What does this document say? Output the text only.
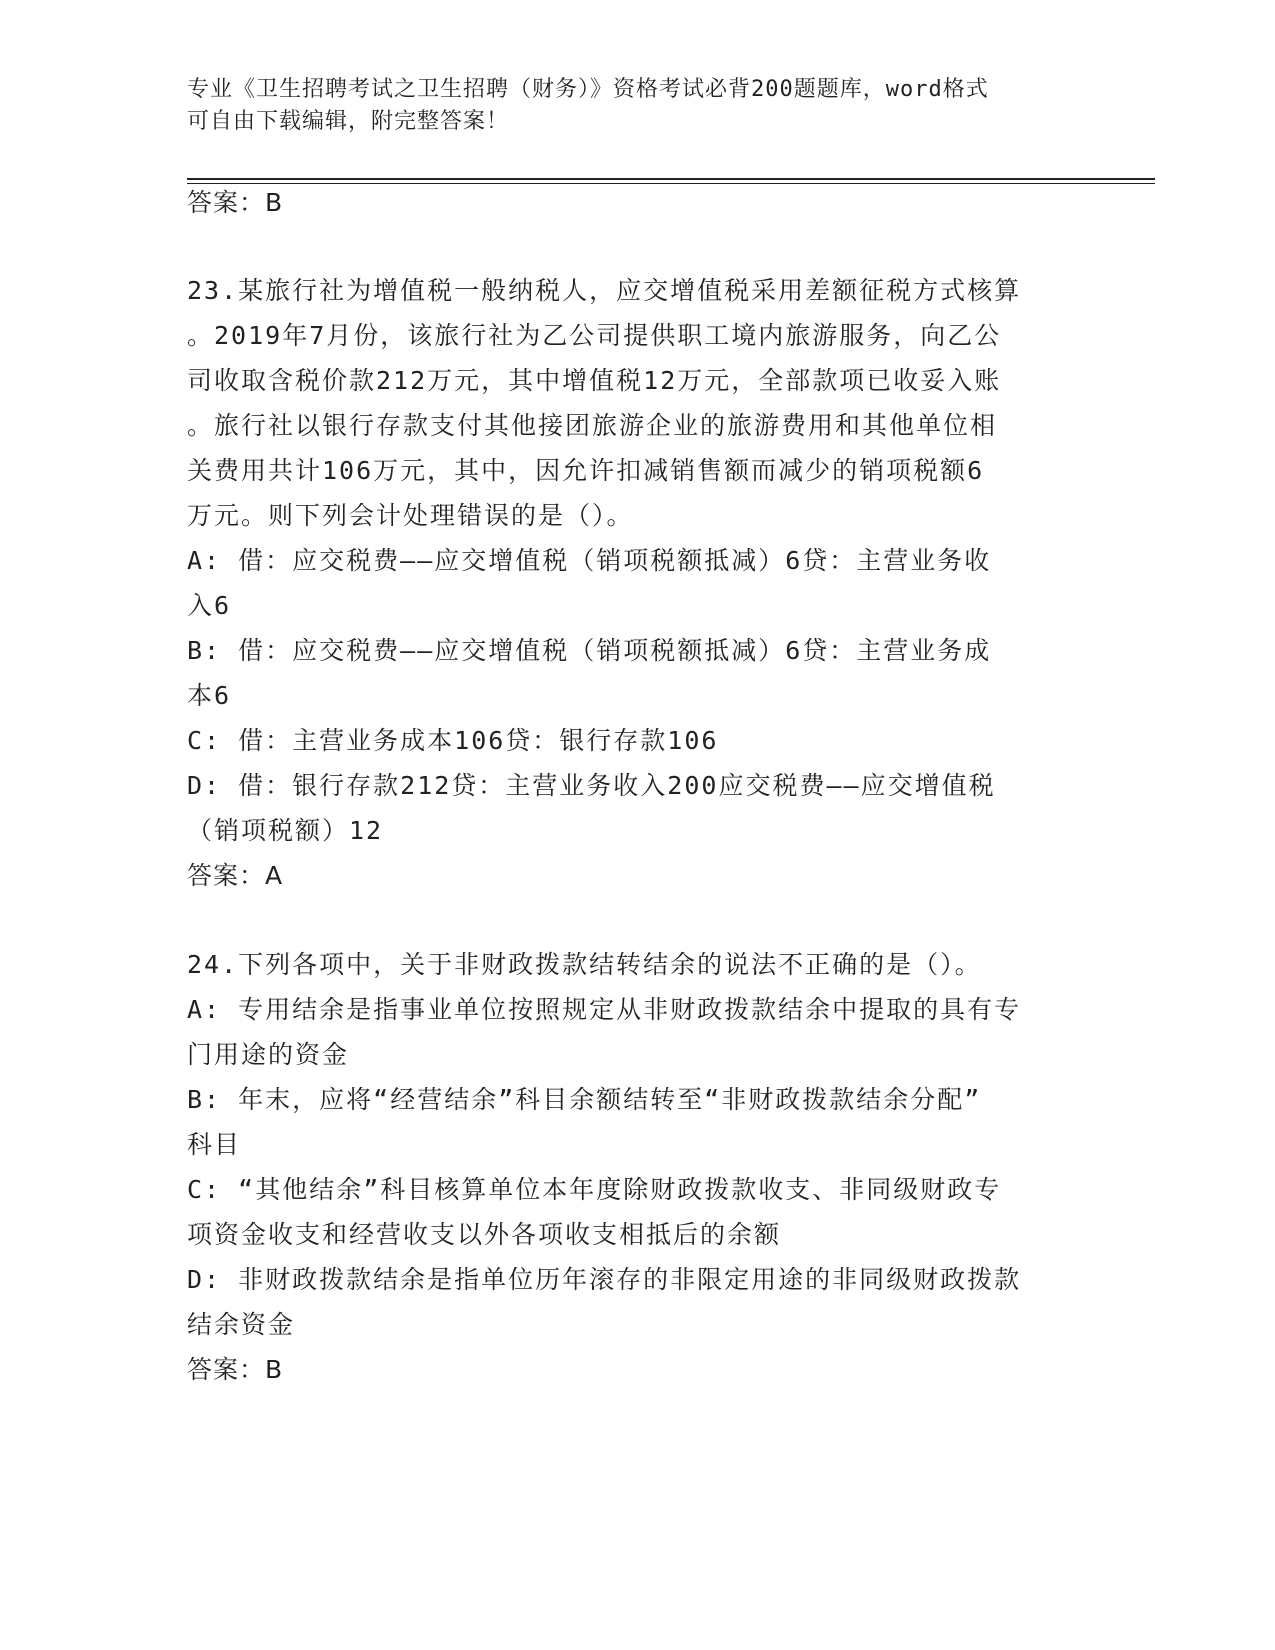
专业《卫生招聘考试之卫生招聘（财务）》资格考试必背200题题库，word格式

可自由下载编辑，附完整答案！

答案：B

23.某旅行社为增值税一般纳税人，应交增值税采用差额征税方式核算

。2019年7月份，该旅行社为乙公司提供职工境内旅游服务，向乙公

司收取含税价款212万元，其中增值税12万元，全部款项已收妥入账

。旅行社以银行存款支付其他接团旅游企业的旅游费用和其他单位相

关费用共计106万元，其中，因允许扣减销售额而减少的销项税额6

万元。则下列会计处理错误的是（）。

A: 借：应交税费——应交增值税（销项税额抵减）6贷：主营业务收

入6

B: 借：应交税费——应交增值税（销项税额抵减）6贷：主营业务成

本6

C: 借：主营业务成本106贷：银行存款106

D: 借：银行存款212贷：主营业务收入200应交税费——应交增值税

（销项税额）12

答案：A

24.下列各项中，关于非财政拨款结转结余的说法不正确的是（）。

A: 专用结余是指事业单位按照规定从非财政拨款结余中提取的具有专

门用途的资金

B: 年末，应将“经营结余”科目余额结转至“非财政拨款结余分配”

科目

C: “其他结余”科目核算单位本年度除财政拨款收支、非同级财政专

项资金收支和经营收支以外各项收支相抵后的余额

D: 非财政拨款结余是指单位历年滚存的非限定用途的非同级财政拨款

结余资金

答案：B
